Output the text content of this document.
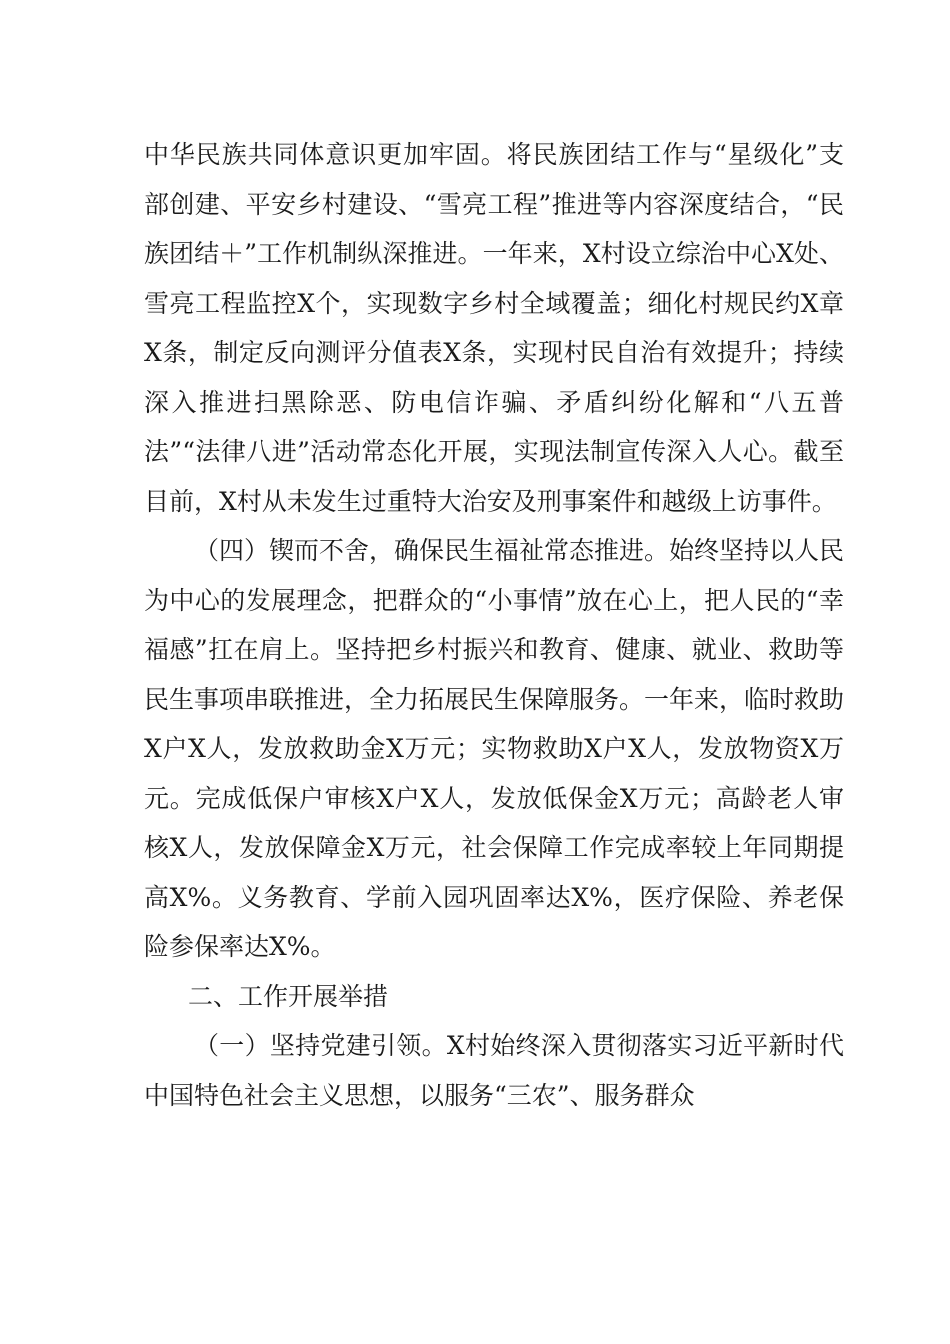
中华民族共同体意识更加牢固。将民族团结工作与“星级化”支部创建、平安乡村建设、“雪亮工程”推进等内容深度结合，“民族团结＋”工作机制纵深推进。一年来，X村设立综治中心X处、雪亮工程监控X个，实现数字乡村全域覆盖；细化村规民约X章X条，制定反向测评分值表X条，实现村民自治有效提升；持续深入推进扫黑除恶、防电信诈骗、矛盾纠纷化解和“八五普法”“法律八进”活动常态化开展，实现法制宣传深入人心。截至目前，X村从未发生过重特大治安及刑事案件和越级上访事件。

（四）锲而不舍，确保民生福祉常态推进。始终坚持以人民为中心的发展理念，把群众的“小事情”放在心上，把人民的“幸福感”扛在肩上。坚持把乡村振兴和教育、健康、就业、救助等民生事项串联推进，全力拓展民生保障服务。一年来，临时救助X户X人，发放救助金X万元；实物救助X户X人，发放物资X万元。完成低保户审核X户X人，发放低保金X万元；高龄老人审核X人，发放保障金X万元，社会保障工作完成率较上年同期提高X%。义务教育、学前入园巩固率达X%，医疗保险、养老保险参保率达X%。

二、工作开展举措

（一）坚持党建引领。X村始终深入贯彻落实习近平新时代中国特色社会主义思想，以服务“三农”、服务群众
